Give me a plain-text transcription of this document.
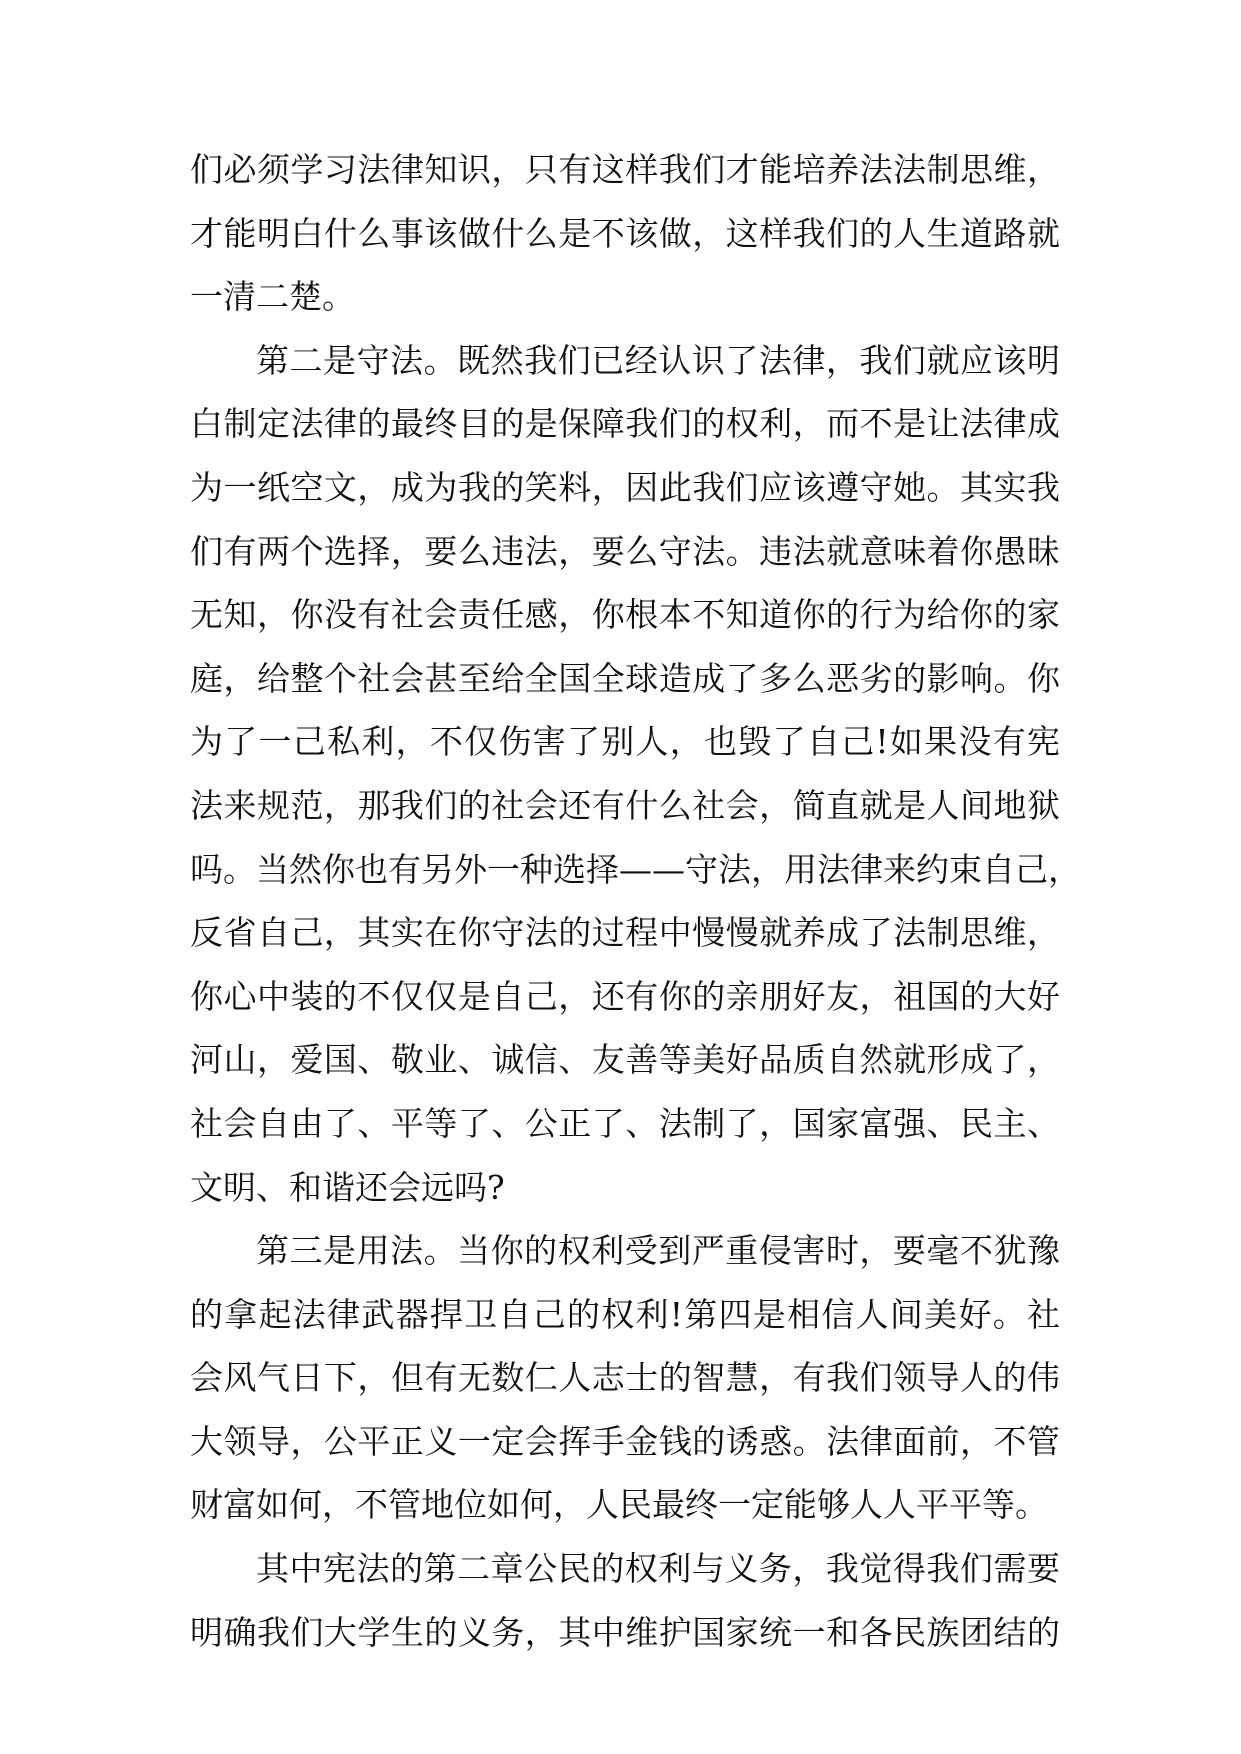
们必须学习法律知识，只有这样我们才能培养法法制思维，
才能明白什么事该做什么是不该做，这样我们的人生道路就
一清二楚。
第二是守法。既然我们已经认识了法律，我们就应该明
白制定法律的最终目的是保障我们的权利，而不是让法律成
为一纸空文，成为我的笑料，因此我们应该遵守她。其实我
们有两个选择，要么违法，要么守法。违法就意味着你愚昧
无知，你没有社会责任感，你根本不知道你的行为给你的家
庭，给整个社会甚至给全国全球造成了多么恶劣的影响。你
为了一己私利，不仅伤害了别人，也毁了自己!如果没有宪
法来规范，那我们的社会还有什么社会，简直就是人间地狱
吗。当然你也有另外一种选择——守法，用法律来约束自己，
反省自己，其实在你守法的过程中慢慢就养成了法制思维，
你心中装的不仅仅是自己，还有你的亲朋好友，祖国的大好
河山，爱国、敬业、诚信、友善等美好品质自然就形成了，
社会自由了、平等了、公正了、法制了，国家富强、民主、
文明、和谐还会远吗?
第三是用法。当你的权利受到严重侵害时，要毫不犹豫
的拿起法律武器捍卫自己的权利!第四是相信人间美好。社
会风气日下，但有无数仁人志士的智慧，有我们领导人的伟
大领导，公平正义一定会挥手金钱的诱惑。法律面前，不管
财富如何，不管地位如何，人民最终一定能够人人平平等。
其中宪法的第二章公民的权利与义务，我觉得我们需要
明确我们大学生的义务，其中维护国家统一和各民族团结的
